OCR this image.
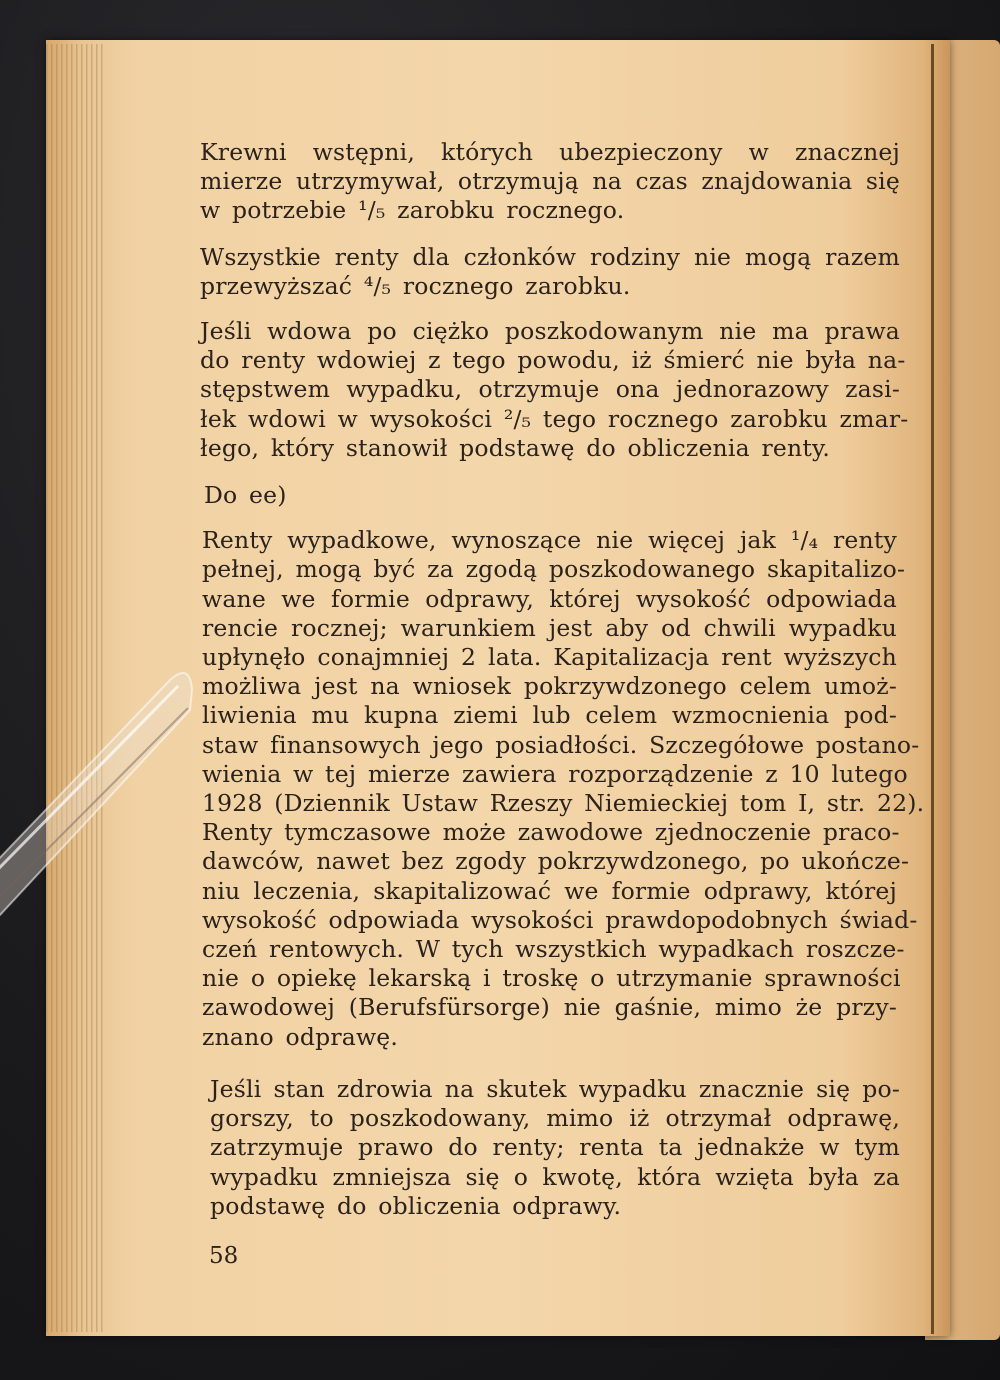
Krewni wstępni, których ubezpieczony w znacznej
mierze utrzymywał, otrzymują na czas znajdowania się
w potrzebie ¹/₅ zarobku rocznego.

Wszystkie renty dla członków rodziny nie mogą razem
przewyższać ⁴/₅ rocznego zarobku.

Jeśli wdowa po ciężko poszkodowanym nie ma prawa
do renty wdowiej z tego powodu, iż śmierć nie była na-
stępstwem wypadku, otrzymuje ona jednorazowy zasi-
łek wdowi w wysokości ²/₅ tego rocznego zarobku zmar-
łego, który stanowił podstawę do obliczenia renty.

Do ee)

Renty wypadkowe, wynoszące nie więcej jak ¹/₄ renty
pełnej, mogą być za zgodą poszkodowanego skapitalizo-
wane we formie odprawy, której wysokość odpowiada
rencie rocznej; warunkiem jest aby od chwili wypadku
upłynęło conajmniej 2 lata. Kapitalizacja rent wyższych
możliwa jest na wniosek pokrzywdzonego celem umoż-
liwienia mu kupna ziemi lub celem wzmocnienia pod-
staw finansowych jego posiadłości. Szczegółowe postano-
wienia w tej mierze zawiera rozporządzenie z 10 lutego
1928 (Dziennik Ustaw Rzeszy Niemieckiej tom I, str. 22).
Renty tymczasowe może zawodowe zjednoczenie praco-
dawców, nawet bez zgody pokrzywdzonego, po ukończe-
niu leczenia, skapitalizować we formie odprawy, której
wysokość odpowiada wysokości prawdopodobnych świad-
czeń rentowych. W tych wszystkich wypadkach roszcze-
nie o opiekę lekarską i troskę o utrzymanie sprawności
zawodowej (Berufsfürsorge) nie gaśnie, mimo że przy-
znano odprawę.

Jeśli stan zdrowia na skutek wypadku znacznie się po-
gorszy, to poszkodowany, mimo iż otrzymał odprawę,
zatrzymuje prawo do renty; renta ta jednakże w tym
wypadku zmniejsza się o kwotę, która wzięta była za
podstawę do obliczenia odprawy.

58
